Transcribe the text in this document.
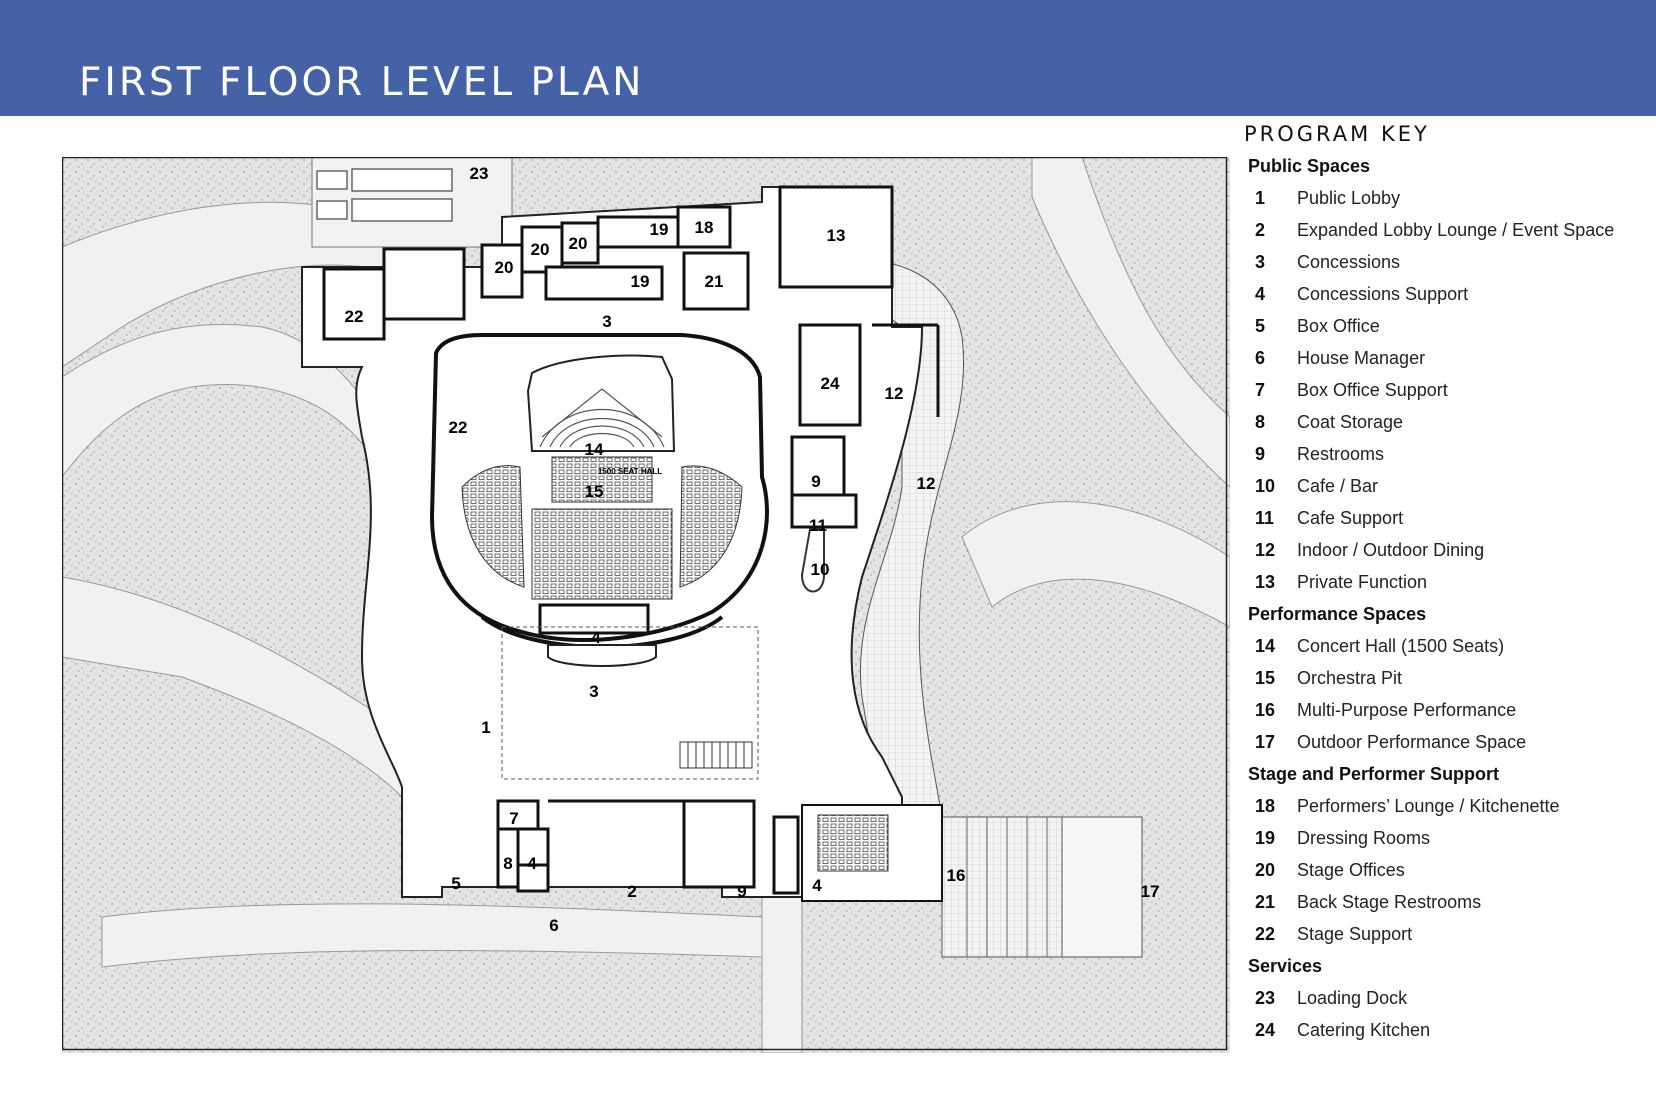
FIRST FLOOR LEVEL PLAN
23
13
18
19
19	21
20
20 20
22
22
3
3
14
15
4
1
24
12
12
9
11
10
5
7
8 4
6
2	9	4
16
17
1500 SEAT HALL
PROGRAM KEY
Public Spaces
1 Public Lobby
2 Expanded Lobby Lounge / Event Space
3 Concessions
4 Concessions Support
5 Box Office
6 House Manager
7 Box Office Support
8 Coat Storage
9 Restrooms
10 Cafe / Bar
11 Cafe Support
12 Indoor / Outdoor Dining
13 Private Function
Performance Spaces
14 Concert Hall (1500 Seats)
15 Orchestra Pit
16 Multi-Purpose Performance
17 Outdoor Performance Space
Stage and Performer Support
18 Performers’ Lounge / Kitchenette
19 Dressing Rooms
20 Stage Offices
21 Back Stage Restrooms
22 Stage Support
Services
23 Loading Dock
24 Catering Kitchen
